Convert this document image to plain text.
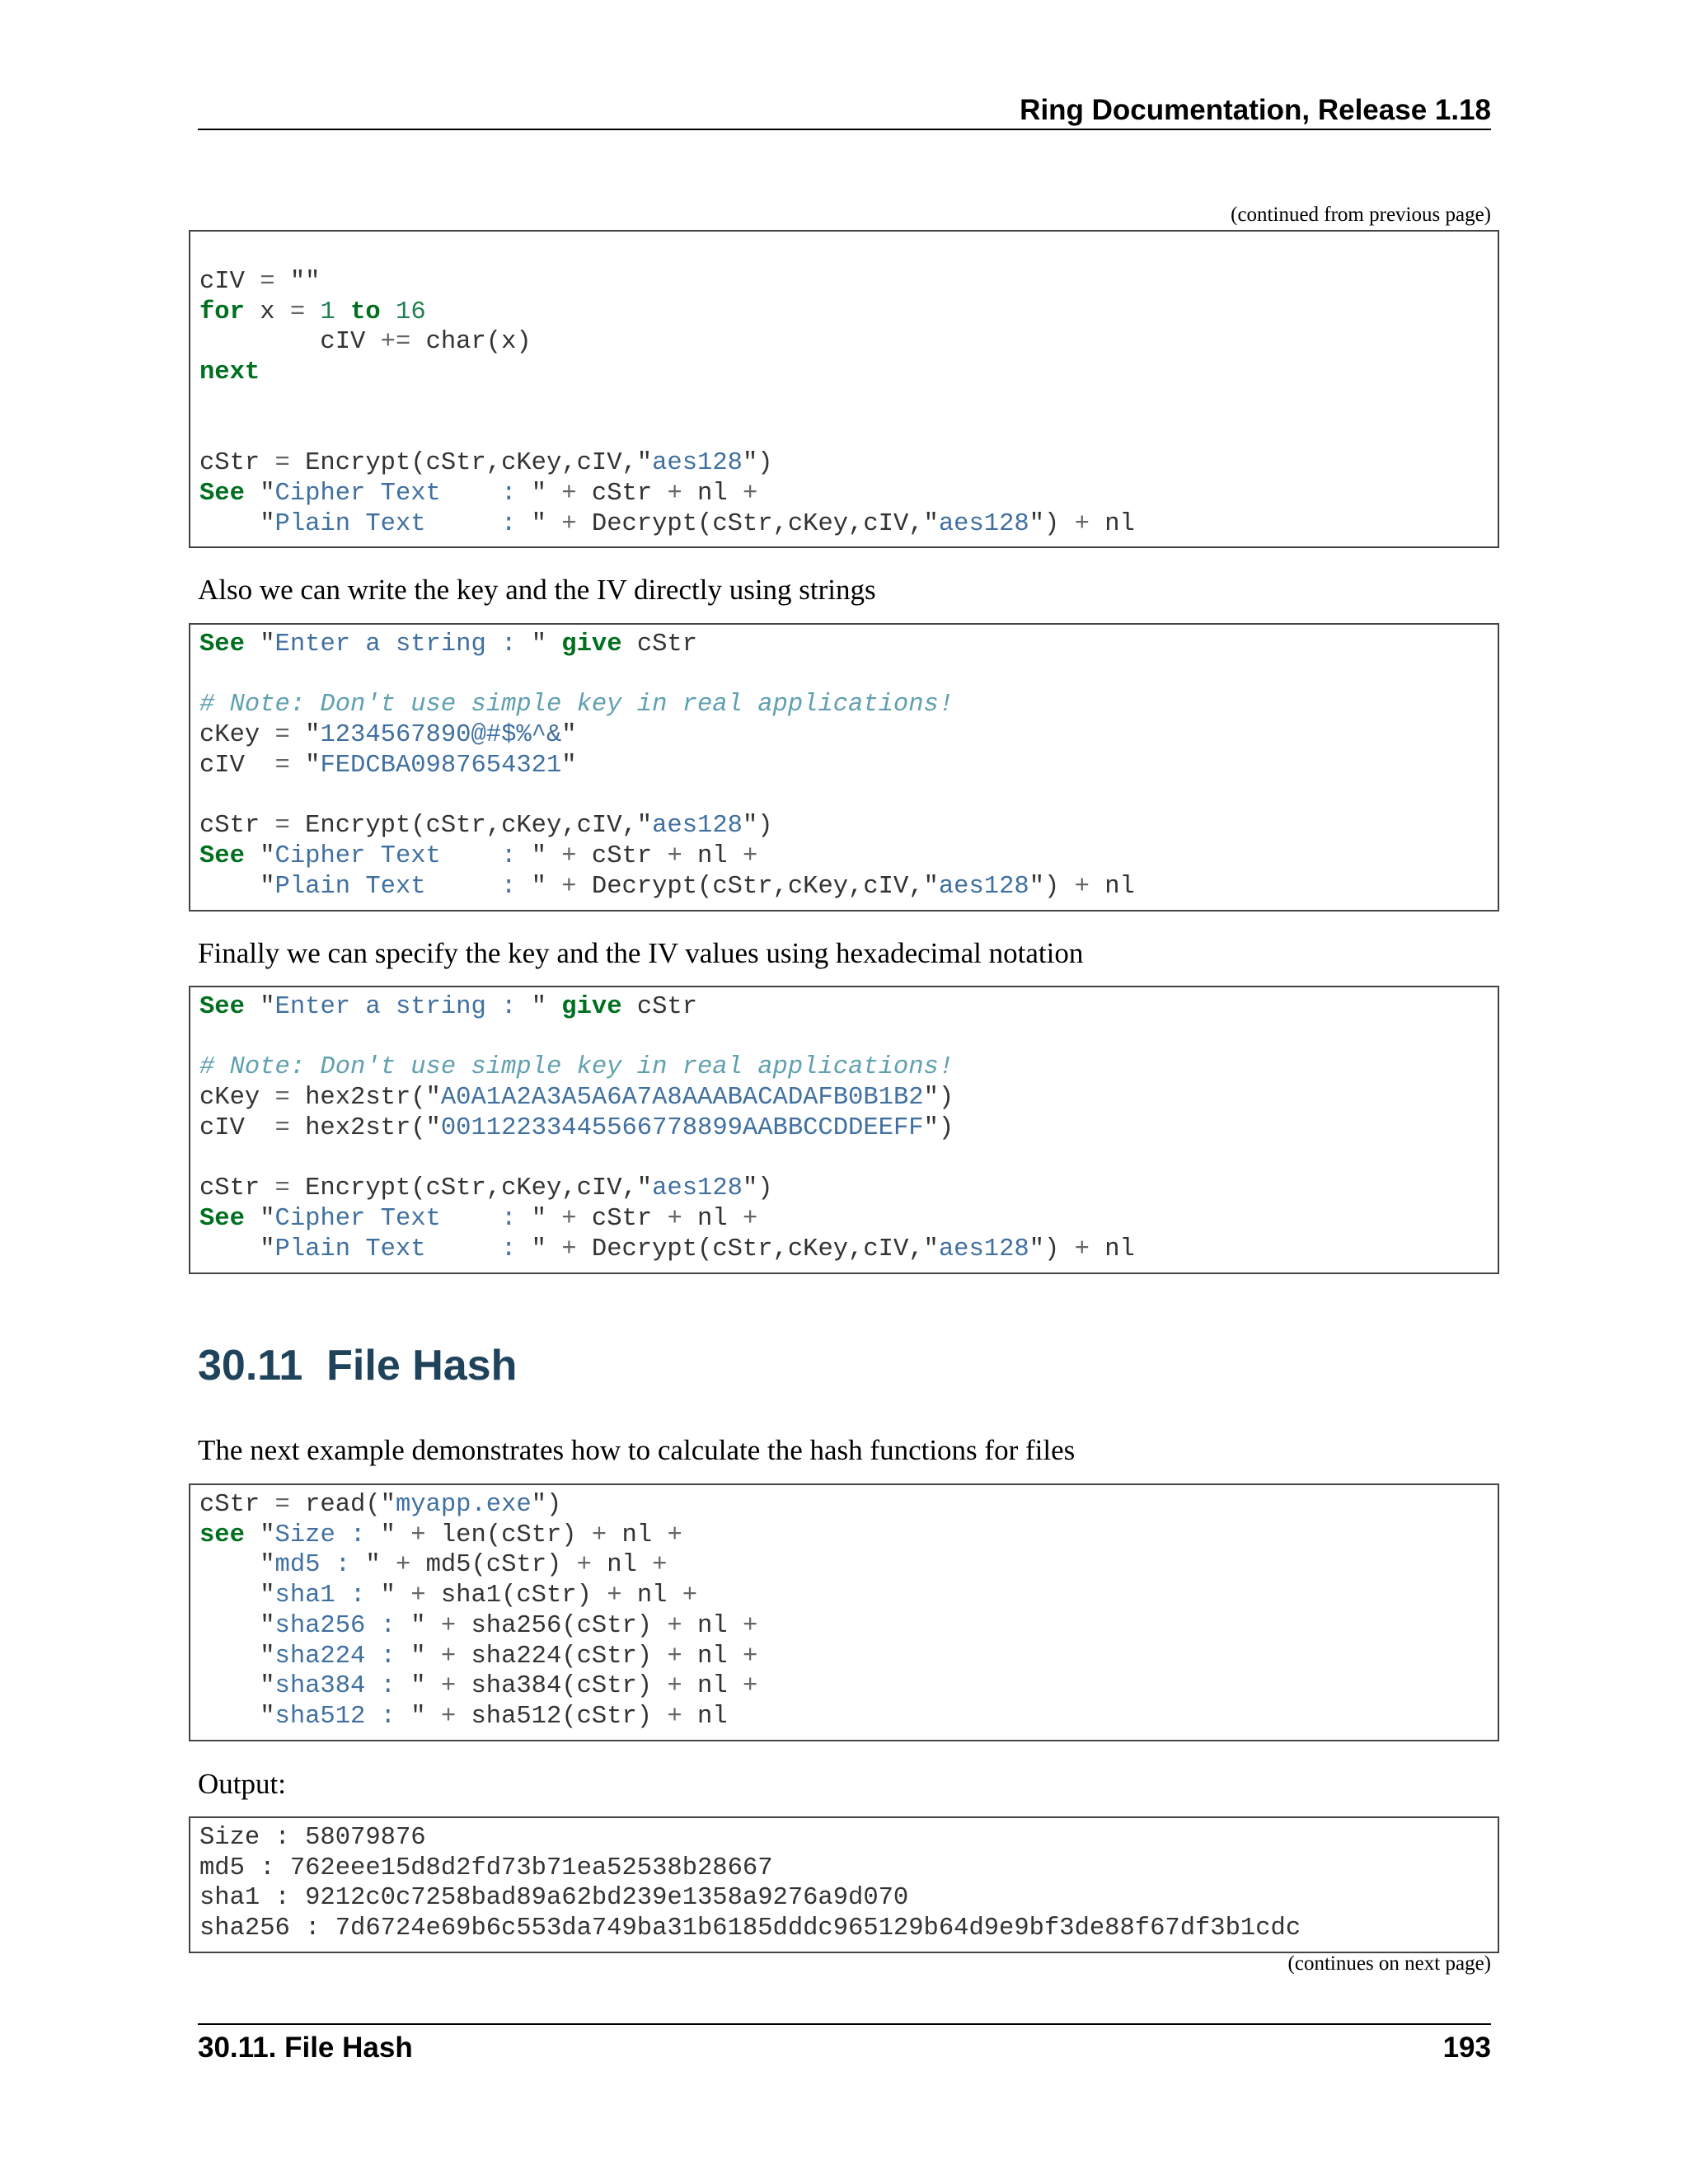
Ring Documentation, Release 1.18
(continued from previous page)
cIV = ""
for x = 1 to 16
cIV += char(x)
next

cStr = Encrypt(cStr,cKey,cIV,"aes128")
See "Cipher Text    : " + cStr + nl +
"Plain Text     : " + Decrypt(cStr,cKey,cIV,"aes128") + nl
Also we can write the key and the IV directly using strings
See "Enter a string : " give cStr

# Note: Don't use simple key in real applications!
cKey = "1234567890@#$%^&"
cIV  = "FEDCBA0987654321"

cStr = Encrypt(cStr,cKey,cIV,"aes128")
See "Cipher Text    : " + cStr + nl +
"Plain Text     : " + Decrypt(cStr,cKey,cIV,"aes128") + nl
Finally we can specify the key and the IV values using hexadecimal notation
See "Enter a string : " give cStr

# Note: Don't use simple key in real applications!
cKey = hex2str("A0A1A2A3A5A6A7A8AAABACADAFB0B1B2")
cIV  = hex2str("00112233445566778899AABBCCDDEEFF")

cStr = Encrypt(cStr,cKey,cIV,"aes128")
See "Cipher Text    : " + cStr + nl +
"Plain Text     : " + Decrypt(cStr,cKey,cIV,"aes128") + nl
30.11 File Hash
The next example demonstrates how to calculate the hash functions for files
cStr = read("myapp.exe")
see "Size : " + len(cStr) + nl +
"md5 : " + md5(cStr) + nl +
"sha1 : " + sha1(cStr) + nl +
"sha256 : " + sha256(cStr) + nl +
"sha224 : " + sha224(cStr) + nl +
"sha384 : " + sha384(cStr) + nl +
"sha512 : " + sha512(cStr) + nl
Output:
Size : 58079876
md5 : 762eee15d8d2fd73b71ea52538b28667
sha1 : 9212c0c7258bad89a62bd239e1358a9276a9d070
sha256 : 7d6724e69b6c553da749ba31b6185dddc965129b64d9e9bf3de88f67df3b1cdc
(continues on next page)
30.11. File Hash	193
